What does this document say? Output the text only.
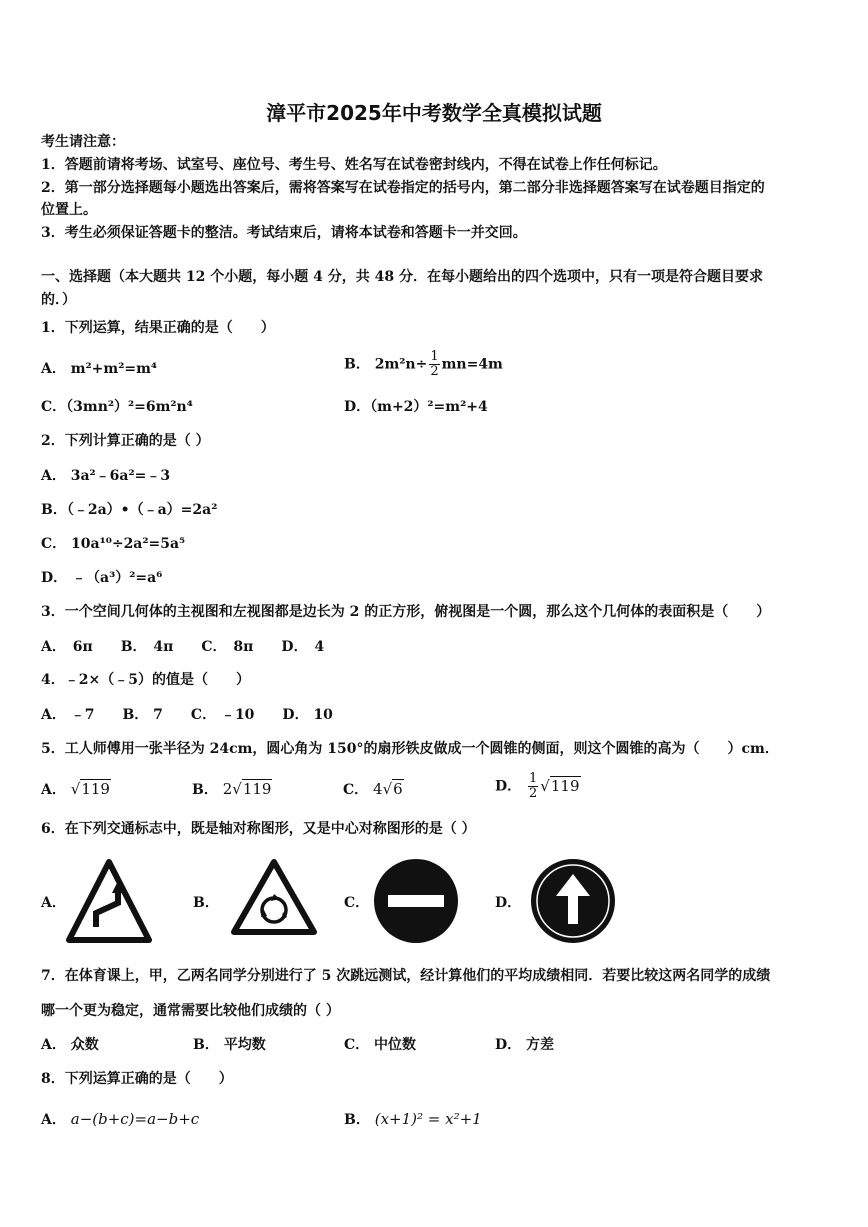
漳平市2025年中考数学全真模拟试题
考生请注意：
1．答题前请将考场、试室号、座位号、考生号、姓名写在试卷密封线内，不得在试卷上作任何标记。
2．第一部分选择题每小题选出答案后，需将答案写在试卷指定的括号内，第二部分非选择题答案写在试卷题目指定的
位置上。
3．考生必须保证答题卡的整洁。考试结束后，请将本试卷和答题卡一并交回。
一、选择题（本大题共 12 个小题，每小题 4 分，共 48 分．在每小题给出的四个选项中，只有一项是符合题目要求
的．）
1．下列运算，结果正确的是（　　）
A． m²+m²=m⁴	B． $2m^2n\div \frac{1}{2} mn=4m$
C．（3mn²）²=6m²n⁴	D．（m+2）²=m²+4
2．下列计算正确的是（ ）
A． 3a²﹣6a²=﹣3
B．（﹣2a）•（﹣a）=2a²
C． 10a¹⁰÷2a²=5a⁵
D． ﹣（a³）²=a⁶
3．一个空间几何体的主视图和左视图都是边长为 2 的正方形，俯视图是一个圆，那么这个几何体的表面积是（　　）
A． 6π　　B． 4π　　C． 8π　　D． 4
4．﹣2×（﹣5）的值是（　　）
A． ﹣7　　B． 7　　C． ﹣10　　D． 10
5．工人师傅用一张半径为 24cm，圆心角为 150°的扇形铁皮做成一个圆锥的侧面，则这个圆锥的高为（　　）cm．
A． √119	B． 2√119	C． 4√6	D． $\frac{1}{2} √119$
6．在下列交通标志中，既是轴对称图形，又是中心对称图形的是（ ）
A．	B．	C．	D．
7．在体育课上，甲，乙两名同学分别进行了 5 次跳远测试，经计算他们的平均成绩相同．若要比较这两名同学的成绩
哪一个更为稳定，通常需要比较他们成绩的（ ）
A． 众数	B． 平均数	C． 中位数	D． 方差
8．下列运算正确的是（　　）
A． a−(b+c)=a−b+c	B． (x+1)² = x²+1
